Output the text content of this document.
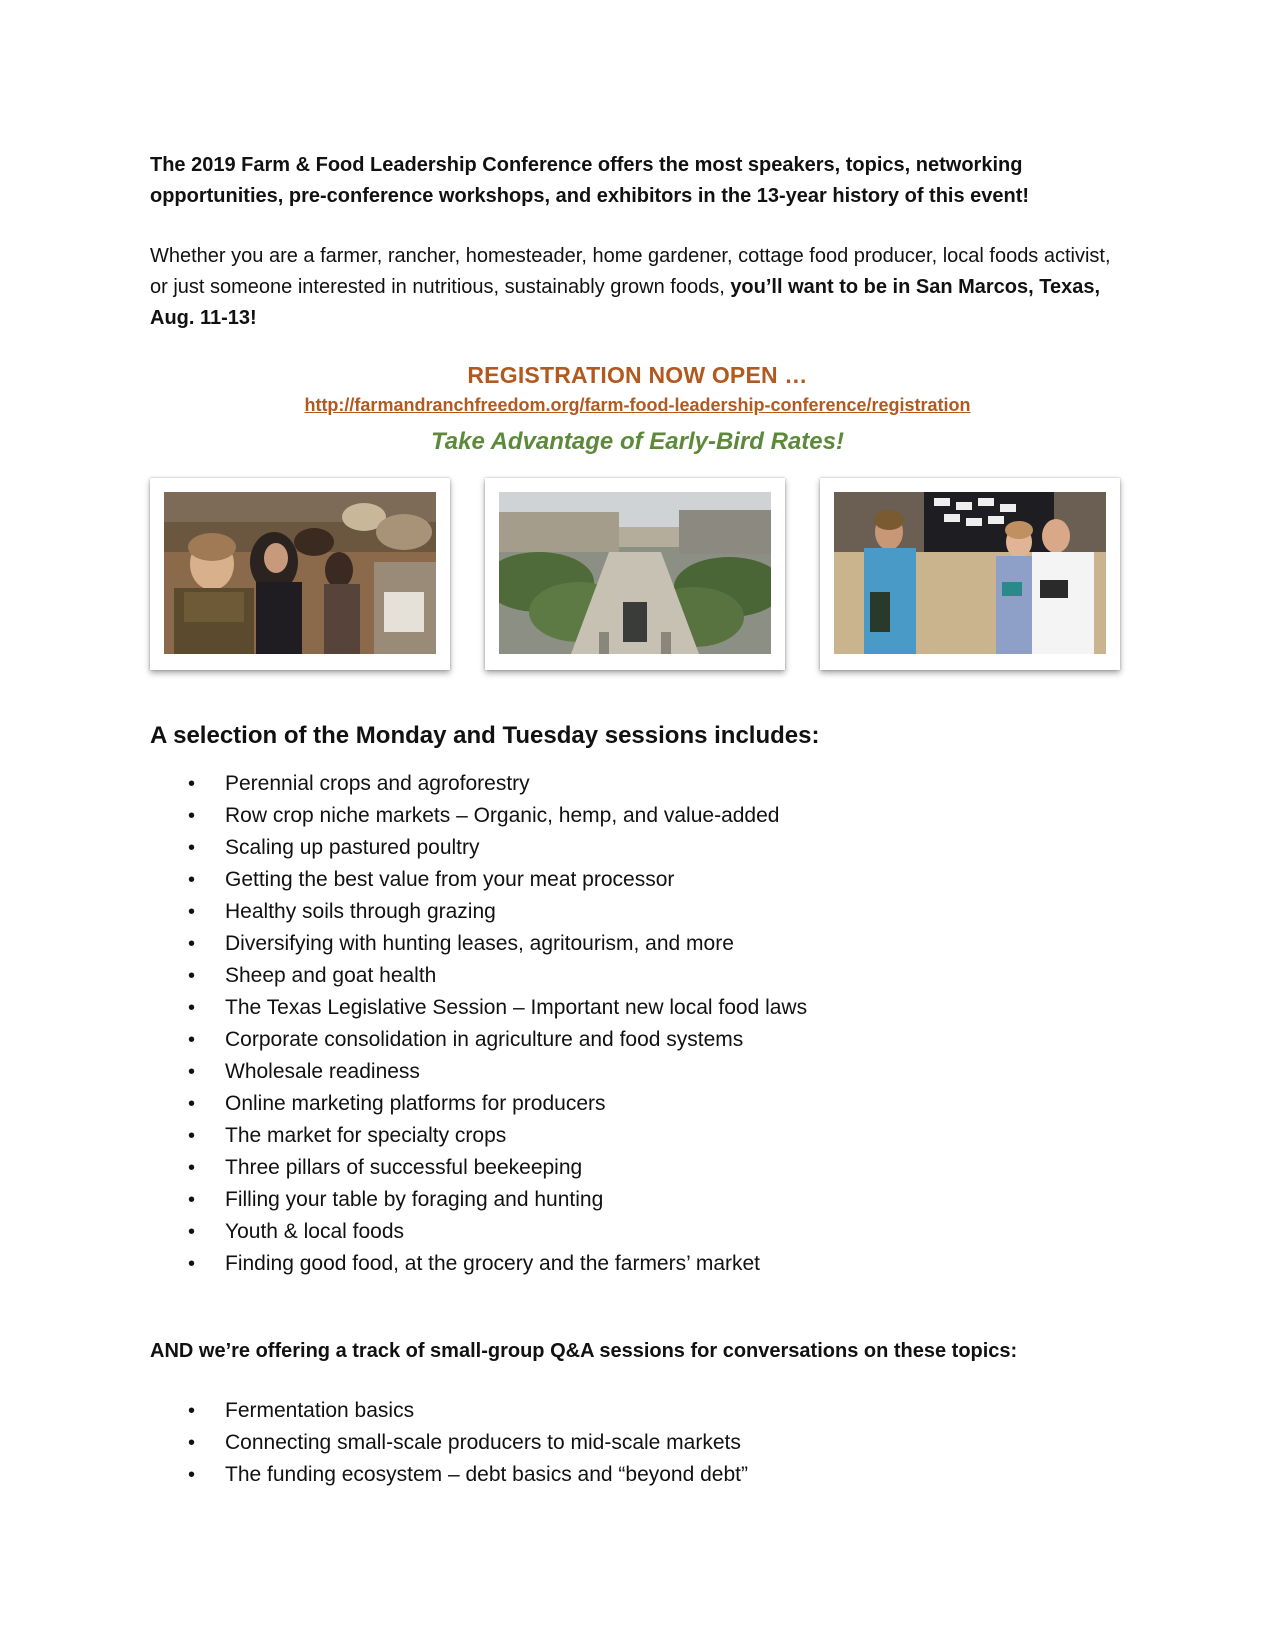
The 2019 Farm & Food Leadership Conference offers the most speakers, topics, networking opportunities, pre-conference workshops, and exhibitors in the 13-year history of this event!

Whether you are a farmer, rancher, homesteader, home gardener, cottage food producer, local foods activist, or just someone interested in nutritious, sustainably grown foods, you’ll want to be in San Marcos, Texas, Aug. 11-13!

REGISTRATION NOW OPEN …
http://farmandranchfreedom.org/farm-food-leadership-conference/registration
Take Advantage of Early-Bird Rates!
A selection of the Monday and Tuesday sessions includes:
• Perennial crops and agroforestry
• Row crop niche markets – Organic, hemp, and value-added
• Scaling up pastured poultry
• Getting the best value from your meat processor
• Healthy soils through grazing
• Diversifying with hunting leases, agritourism, and more
• Sheep and goat health
• The Texas Legislative Session – Important new local food laws
• Corporate consolidation in agriculture and food systems
• Wholesale readiness
• Online marketing platforms for producers
• The market for specialty crops
• Three pillars of successful beekeeping
• Filling your table by foraging and hunting
• Youth & local foods
• Finding good food, at the grocery and the farmers’ market

AND we’re offering a track of small-group Q&A sessions for conversations on these topics:

• Fermentation basics
• Connecting small-scale producers to mid-scale markets
• The funding ecosystem – debt basics and “beyond debt”
